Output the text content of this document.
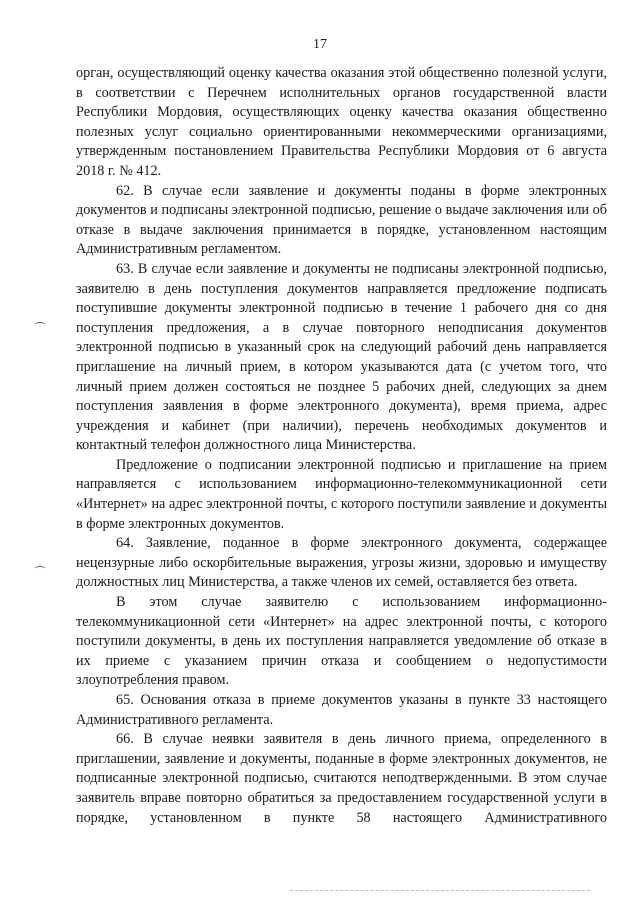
17

орган, осуществляющий оценку качества оказания этой общественно полезной услуги, в соответствии с Перечнем исполнительных органов государственной власти Республики Мордовия, осуществляющих оценку качества оказания общественно полезных услуг социально ориентированными некоммерческими организациями, утвержденным постановлением Правительства Республики Мордовия от 6 августа 2018 г. № 412.

62. В случае если заявление и документы поданы в форме электронных документов и подписаны электронной подписью, решение о выдаче заключения или об отказе в выдаче заключения принимается в порядке, установленном настоящим Административным регламентом.

63. В случае если заявление и документы не подписаны электронной подписью, заявителю в день поступления документов направляется предложение подписать поступившие документы электронной подписью в течение 1 рабочего дня со дня поступления предложения, а в случае повторного неподписания документов электронной подписью в указанный срок на следующий рабочий день направляется приглашение на личный прием, в котором указываются дата (с учетом того, что личный прием должен состояться не позднее 5 рабочих дней, следующих за днем поступления заявления в форме электронного документа), время приема, адрес учреждения и кабинет (при наличии), перечень необходимых документов и контактный телефон должностного лица Министерства.

Предложение о подписании электронной подписью и приглашение на прием направляется с использованием информационно-телекоммуникационной сети «Интернет» на адрес электронной почты, с которого поступили заявление и документы в форме электронных документов.

64. Заявление, поданное в форме электронного документа, содержащее нецензурные либо оскорбительные выражения, угрозы жизни, здоровью и имуществу должностных лиц Министерства, а также членов их семей, оставляется без ответа.

В этом случае заявителю с использованием информационно-телекоммуникационной сети «Интернет» на адрес электронной почты, с которого поступили документы, в день их поступления направляется уведомление об отказе в их приеме с указанием причин отказа и сообщением о недопустимости злоупотребления правом.

65. Основания отказа в приеме документов указаны в пункте 33 настоящего Административного регламента.

66. В случае неявки заявителя в день личного приема, определенного в приглашении, заявление и документы, поданные в форме электронных документов, не подписанные электронной подписью, считаются неподтвержденными. В этом случае заявитель вправе повторно обратиться за предоставлением государственной услуги в порядке, установленном в пункте 58 настоящего Административного
